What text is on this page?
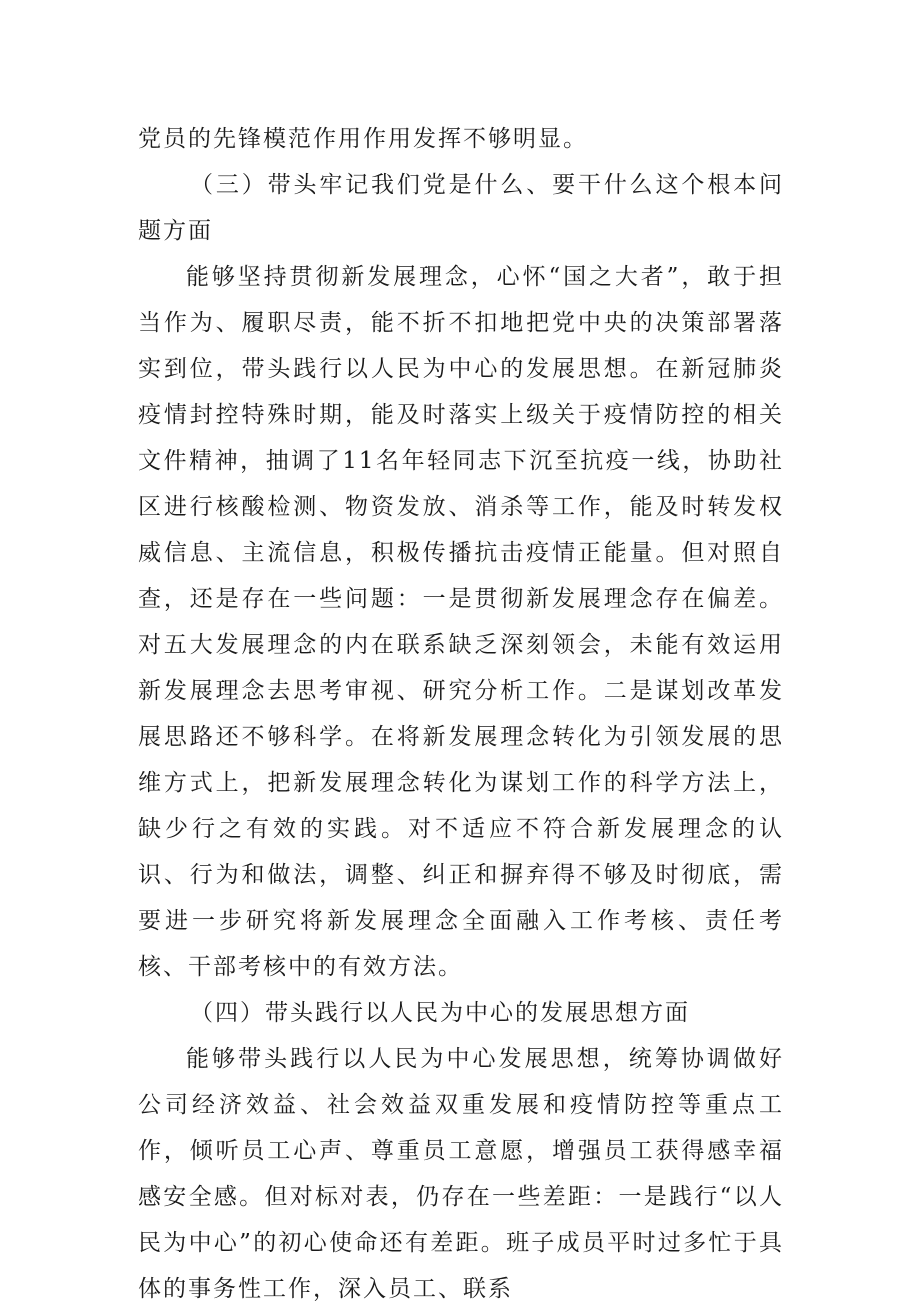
党员的先锋模范作用作用发挥不够明显。

（三）带头牢记我们党是什么、要干什么这个根本问题方面

能够坚持贯彻新发展理念，心怀“国之大者”，敢于担当作为、履职尽责，能不折不扣地把党中央的决策部署落实到位，带头践行以人民为中心的发展思想。在新冠肺炎疫情封控特殊时期，能及时落实上级关于疫情防控的相关文件精神，抽调了11名年轻同志下沉至抗疫一线，协助社区进行核酸检测、物资发放、消杀等工作，能及时转发权威信息、主流信息，积极传播抗击疫情正能量。但对照自查，还是存在一些问题：一是贯彻新发展理念存在偏差。对五大发展理念的内在联系缺乏深刻领会，未能有效运用新发展理念去思考审视、研究分析工作。二是谋划改革发展思路还不够科学。在将新发展理念转化为引领发展的思维方式上，把新发展理念转化为谋划工作的科学方法上，缺少行之有效的实践。对不适应不符合新发展理念的认识、行为和做法，调整、纠正和摒弃得不够及时彻底，需要进一步研究将新发展理念全面融入工作考核、责任考核、干部考核中的有效方法。

（四）带头践行以人民为中心的发展思想方面

能够带头践行以人民为中心发展思想，统筹协调做好公司经济效益、社会效益双重发展和疫情防控等重点工作，倾听员工心声、尊重员工意愿，增强员工获得感幸福感安全感。但对标对表，仍存在一些差距：一是践行“以人民为中心”的初心使命还有差距。班子成员平时过多忙于具体的事务性工作，深入员工、联系
